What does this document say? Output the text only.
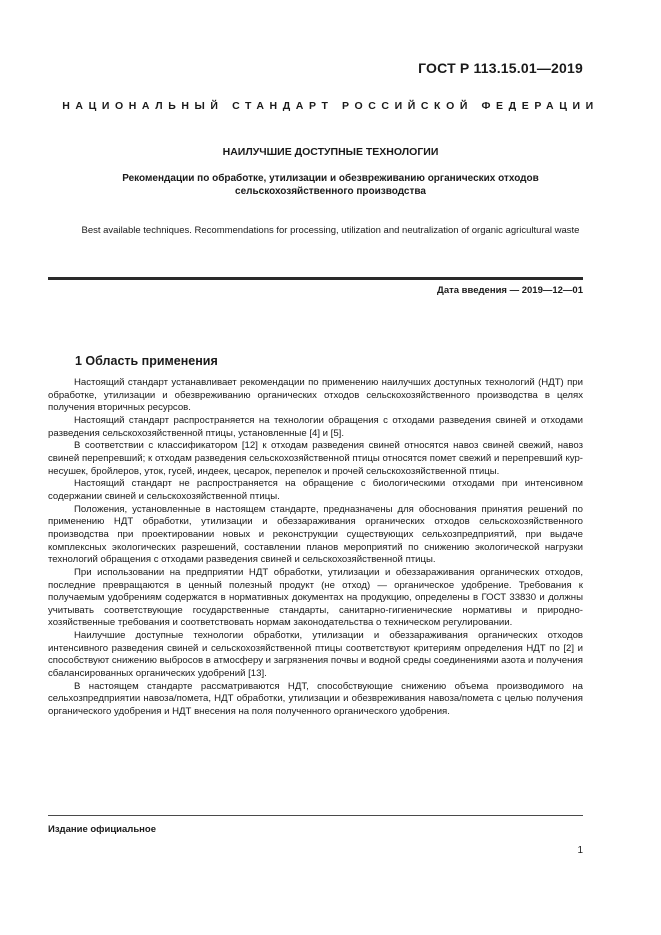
ГОСТ Р 113.15.01—2019
НАЦИОНАЛЬНЫЙ СТАНДАРТ РОССИЙСКОЙ ФЕДЕРАЦИИ
НАИЛУЧШИЕ ДОСТУПНЫЕ ТЕХНОЛОГИИ
Рекомендации по обработке, утилизации и обезвреживанию органических отходов сельскохозяйственного производства
Best available techniques. Recommendations for processing, utilization and neutralization of organic agricultural waste
Дата введения — 2019—12—01
1 Область применения

Настоящий стандарт устанавливает рекомендации по применению наилучших доступных технологий (НДТ) при обработке, утилизации и обезвреживанию органических отходов сельскохозяйственного производства в целях получения вторичных ресурсов.

Настоящий стандарт распространяется на технологии обращения с отходами разведения свиней и отходами разведения сельскохозяйственной птицы, установленные [4] и [5].

В соответствии с классификатором [12] к отходам разведения свиней относятся навоз свиней свежий, навоз свиней перепревший; к отходам разведения сельскохозяйственной птицы относятся помет свежий и перепревший кур-несушек, бройлеров, уток, гусей, индеек, цесарок, перепелок и прочей сельскохозяйственной птицы.

Настоящий стандарт не распространяется на обращение с биологическими отходами при интенсивном содержании свиней и сельскохозяйственной птицы.

Положения, установленные в настоящем стандарте, предназначены для обоснования принятия решений по применению НДТ обработки, утилизации и обеззараживания органических отходов сельскохозяйственного производства при проектировании новых и реконструкции существующих сельхозпредприятий, при выдаче комплексных экологических разрешений, составлении планов мероприятий по снижению экологической нагрузки технологий обращения с отходами разведения свиней и сельскохозяйственной птицы.

При использовании на предприятии НДТ обработки, утилизации и обеззараживания органических отходов, последние превращаются в ценный полезный продукт (не отход) — органическое удобрение. Требования к получаемым удобрениям содержатся в нормативных документах на продукцию, определены в ГОСТ 33830 и должны учитывать соответствующие государственные стандарты, санитарно-гигиенические нормативы и природно-хозяйственные требования и соответствовать нормам законодательства о техническом регулировании.

Наилучшие доступные технологии обработки, утилизации и обеззараживания органических отходов интенсивного разведения свиней и сельскохозяйственной птицы соответствуют критериям определения НДТ по [2] и способствуют снижению выбросов в атмосферу и загрязнения почвы и водной среды соединениями азота и получения сбалансированных органических удобрений [13].

В настоящем стандарте рассматриваются НДТ, способствующие снижению объема производимого на сельхозпредприятии навоза/помета, НДТ обработки, утилизации и обезвреживания навоза/помета с целью получения органического удобрения и НДТ внесения на поля полученного органического удобрения.

Издание официальное
1
